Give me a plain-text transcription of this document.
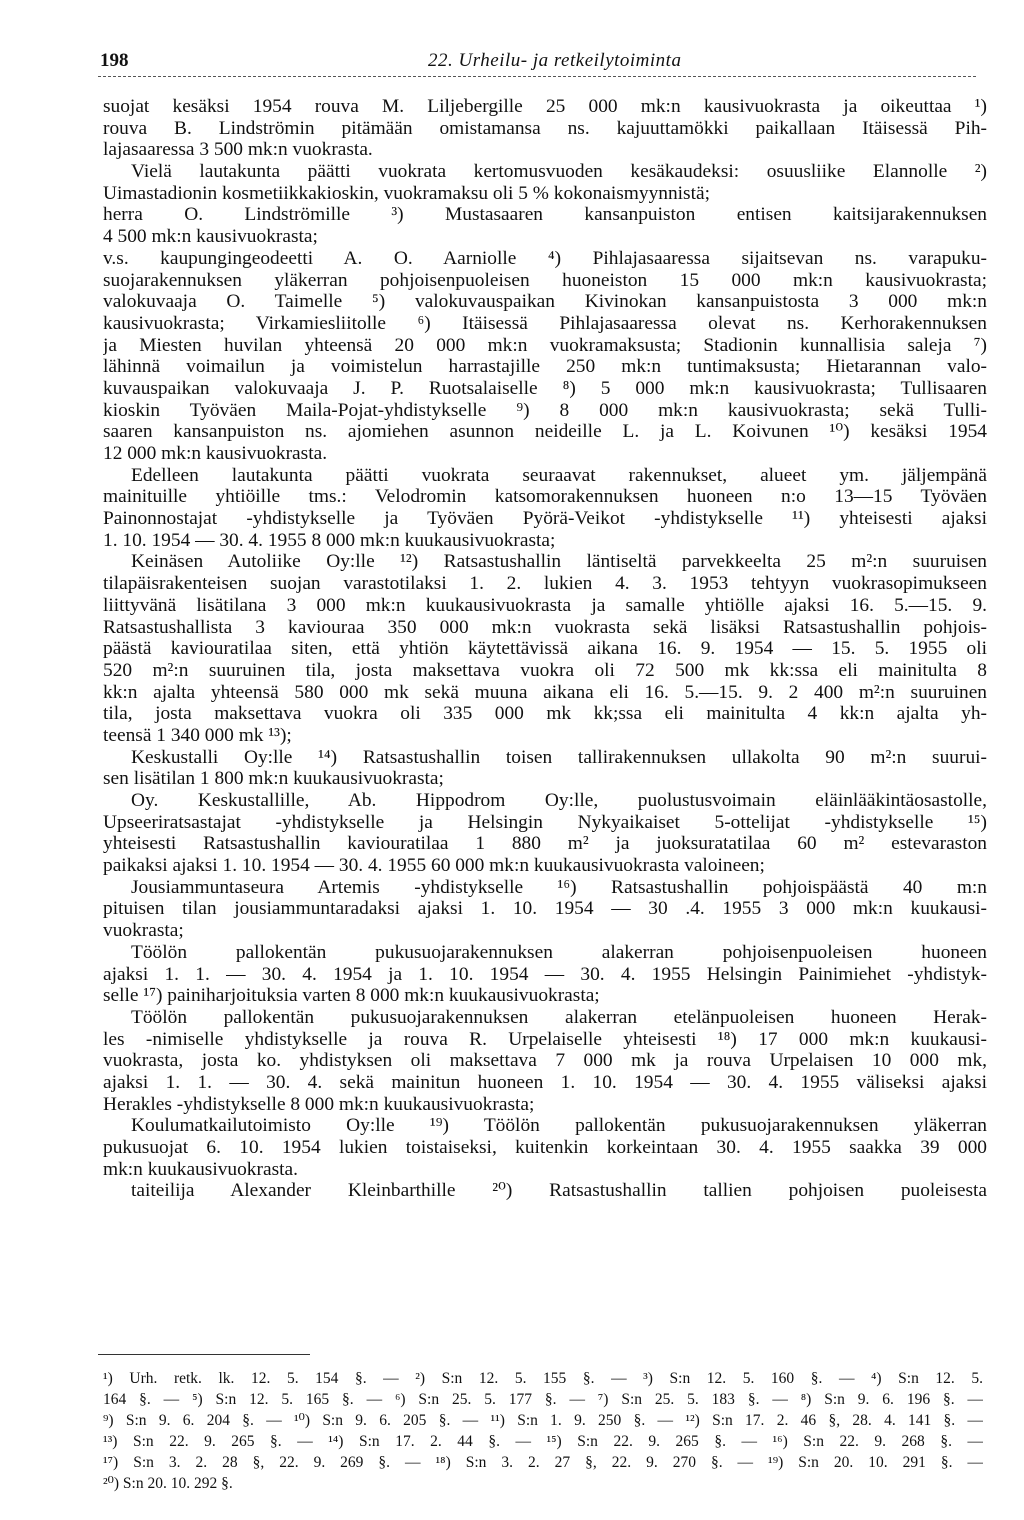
198	22. Urheilu- ja retkeilytoiminta
suojat kesäksi 1954 rouva M. Liljebergille 25 000 mk:n kausivuokrasta ja oikeuttaa ¹)
rouva B. Lindströmin pitämään omistamansa ns. kajuuttamökki paikallaan Itäisessä Pih-
lajasaaressa 3 500 mk:n vuokrasta.
Vielä lautakunta päätti vuokrata kertomusvuoden kesäkaudeksi: osuusliike Elannolle ²)
Uimastadionin kosmetiikkakioskin, vuokramaksu oli 5 % kokonaismyynnistä;
herra O. Lindströmille ³) Mustasaaren kansanpuiston entisen kaitsijarakennuksen
4 500 mk:n kausivuokrasta;
v.s. kaupungingeodeetti A. O. Aarniolle ⁴) Pihlajasaaressa sijaitsevan ns. varapuku-
suojarakennuksen yläkerran pohjoisenpuoleisen huoneiston 15 000 mk:n kausivuokrasta;
valokuvaaja O. Taimelle ⁵) valokuvauspaikan Kivinokan kansanpuistosta 3 000 mk:n
kausivuokrasta; Virkamiesliitolle ⁶) Itäisessä Pihlajasaaressa olevat ns. Kerhorakennuksen
ja Miesten huvilan yhteensä 20 000 mk:n vuokramaksusta; Stadionin kunnallisia saleja ⁷)
lähinnä voimailun ja voimistelun harrastajille 250 mk:n tuntimaksusta; Hietarannan valo-
kuvauspaikan valokuvaaja J. P. Ruotsalaiselle ⁸) 5 000 mk:n kausivuokrasta; Tullisaaren
kioskin Työväen Maila-Pojat-yhdistykselle ⁹) 8 000 mk:n kausivuokrasta; sekä Tulli-
saaren kansanpuiston ns. ajomiehen asunnon neideille L. ja L. Koivunen ¹⁰) kesäksi 1954
12 000 mk:n kausivuokrasta.
Edelleen lautakunta päätti vuokrata seuraavat rakennukset, alueet ym. jäljempänä
mainituille yhtiöille tms.: Velodromin katsomorakennuksen huoneen n:o 13—15 Työväen
Painonnostajat -yhdistykselle ja Työväen Pyörä-Veikot -yhdistykselle ¹¹) yhteisesti ajaksi
1. 10. 1954 — 30. 4. 1955 8 000 mk:n kuukausivuokrasta;
Keinäsen Autoliike Oy:lle ¹²) Ratsastushallin läntiseltä parvekkeelta 25 m²:n suuruisen
tilapäisrakenteisen suojan varastotilaksi 1. 2. lukien 4. 3. 1953 tehtyyn vuokrasopimukseen
liittyvänä lisätilana 3 000 mk:n kuukausivuokrasta ja samalle yhtiölle ajaksi 16. 5.—15. 9.
Ratsastushallista 3 kaviouraa 350 000 mk:n vuokrasta sekä lisäksi Ratsastushallin pohjois-
päästä kaviouratilaa siten, että yhtiön käytettävissä aikana 16. 9. 1954 — 15. 5. 1955 oli
520 m²:n suuruinen tila, josta maksettava vuokra oli 72 500 mk kk:ssa eli mainitulta 8
kk:n ajalta yhteensä 580 000 mk sekä muuna aikana eli 16. 5.—15. 9. 2 400 m²:n suuruinen
tila, josta maksettava vuokra oli 335 000 mk kk;ssa eli mainitulta 4 kk:n ajalta yh-
teensä 1 340 000 mk ¹³);
Keskustalli Oy:lle ¹⁴) Ratsastushallin toisen tallirakennuksen ullakolta 90 m²:n suurui-
sen lisätilan 1 800 mk:n kuukausivuokrasta;
Oy. Keskustallille, Ab. Hippodrom Oy:lle, puolustusvoimain eläinlääkintäosastolle,
Upseeriratsastajat -yhdistykselle ja Helsingin Nykyaikaiset 5-ottelijat -yhdistykselle ¹⁵)
yhteisesti Ratsastushallin kaviouratilaa 1 880 m² ja juoksuratatilaa 60 m² estevaraston
paikaksi ajaksi 1. 10. 1954 — 30. 4. 1955 60 000 mk:n kuukausivuokrasta valoineen;
Jousiammuntaseura Artemis -yhdistykselle ¹⁶) Ratsastushallin pohjoispäästä 40 m:n
pituisen tilan jousiammuntaradaksi ajaksi 1. 10. 1954 — 30 .4. 1955 3 000 mk:n kuukausi-
vuokrasta;
Töölön pallokentän pukusuojarakennuksen alakerran pohjoisenpuoleisen huoneen
ajaksi 1. 1. — 30. 4. 1954 ja 1. 10. 1954 — 30. 4. 1955 Helsingin Painimiehet -yhdistyk-
selle ¹⁷) painiharjoituksia varten 8 000 mk:n kuukausivuokrasta;
Töölön pallokentän pukusuojarakennuksen alakerran etelänpuoleisen huoneen Herak-
les -nimiselle yhdistykselle ja rouva R. Urpelaiselle yhteisesti ¹⁸) 17 000 mk:n kuukausi-
vuokrasta, josta ko. yhdistyksen oli maksettava 7 000 mk ja rouva Urpelaisen 10 000 mk,
ajaksi 1. 1. — 30. 4. sekä mainitun huoneen 1. 10. 1954 — 30. 4. 1955 väliseksi ajaksi
Herakles -yhdistykselle 8 000 mk:n kuukausivuokrasta;
Koulumatkailutoimisto Oy:lle ¹⁹) Töölön pallokentän pukusuojarakennuksen yläkerran
pukusuojat 6. 10. 1954 lukien toistaiseksi, kuitenkin korkeintaan 30. 4. 1955 saakka 39 000
mk:n kuukausivuokrasta.
taiteilija Alexander Kleinbarthille ²⁰) Ratsastushallin tallien pohjoisen puoleisesta
¹) Urh. retk. lk. 12. 5. 154 §. — ²) S:n 12. 5. 155 §. — ³) S:n 12. 5. 160 §. — ⁴) S:n 12. 5.
164 §. — ⁵) S:n 12. 5. 165 §. — ⁶) S:n 25. 5. 177 §. — ⁷) S:n 25. 5. 183 §. — ⁸) S:n 9. 6. 196 §. —
⁹) S:n 9. 6. 204 §. — ¹⁰) S:n 9. 6. 205 §. — ¹¹) S:n 1. 9. 250 §. — ¹²) S:n 17. 2. 46 §, 28. 4. 141 §. —
¹³) S:n 22. 9. 265 §. — ¹⁴) S:n 17. 2. 44 §. — ¹⁵) S:n 22. 9. 265 §. — ¹⁶) S:n 22. 9. 268 §. —
¹⁷) S:n 3. 2. 28 §, 22. 9. 269 §. — ¹⁸) S:n 3. 2. 27 §, 22. 9. 270 §. — ¹⁹) S:n 20. 10. 291 §. —
²⁰) S:n 20. 10. 292 §.
